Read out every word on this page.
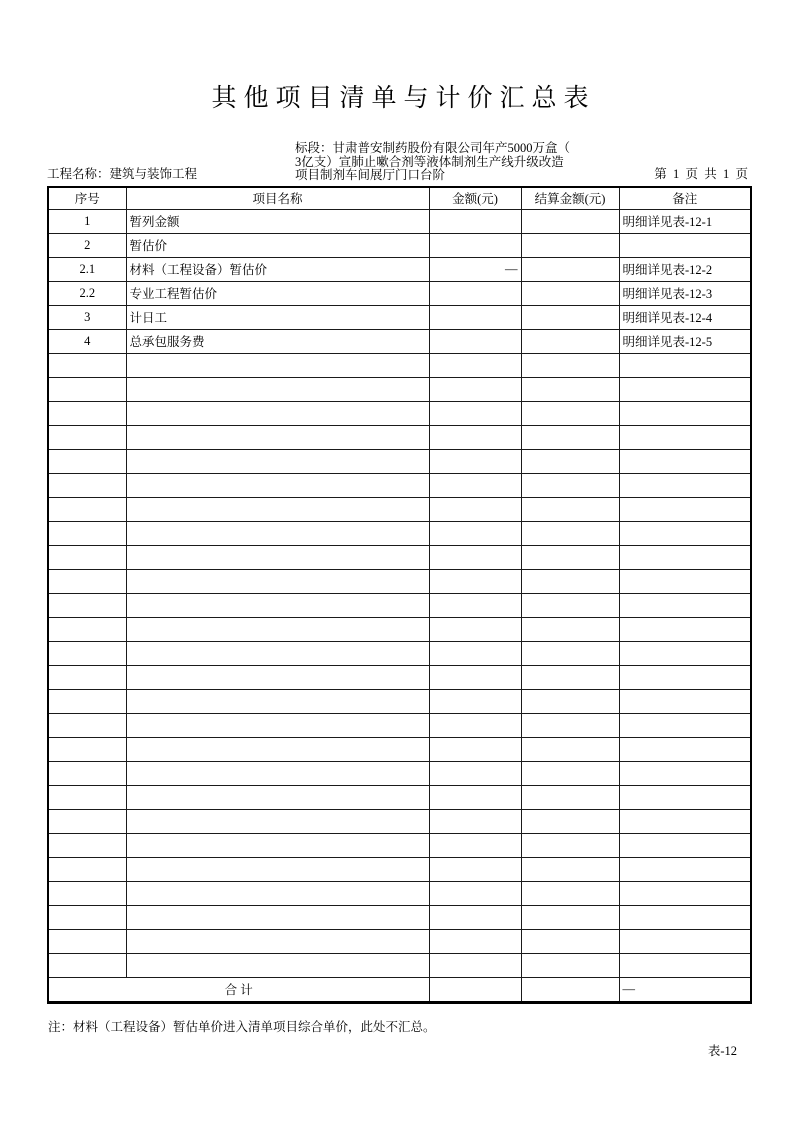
其他项目清单与计价汇总表
标段：甘肃普安制药股份有限公司年产5000万盒（
3亿支）宣肺止嗽合剂等液体制剂生产线升级改造
项目制剂车间展厅门口台阶
工程名称：建筑与装饰工程	第  1  页  共  1  页
序号	项目名称	金额(元)	结算金额(元)	备注
1	暂列金额			明细详见表-12-1
2	暂估价			
2.1	材料（工程设备）暂估价	—		明细详见表-12-2
2.2	专业工程暂估价			明细详见表-12-3
3	计日工			明细详见表-12-4
4	总承包服务费			明细详见表-12-5

合 计				—
注：材料（工程设备）暂估单价进入清单项目综合单价，此处不汇总。
表-12
